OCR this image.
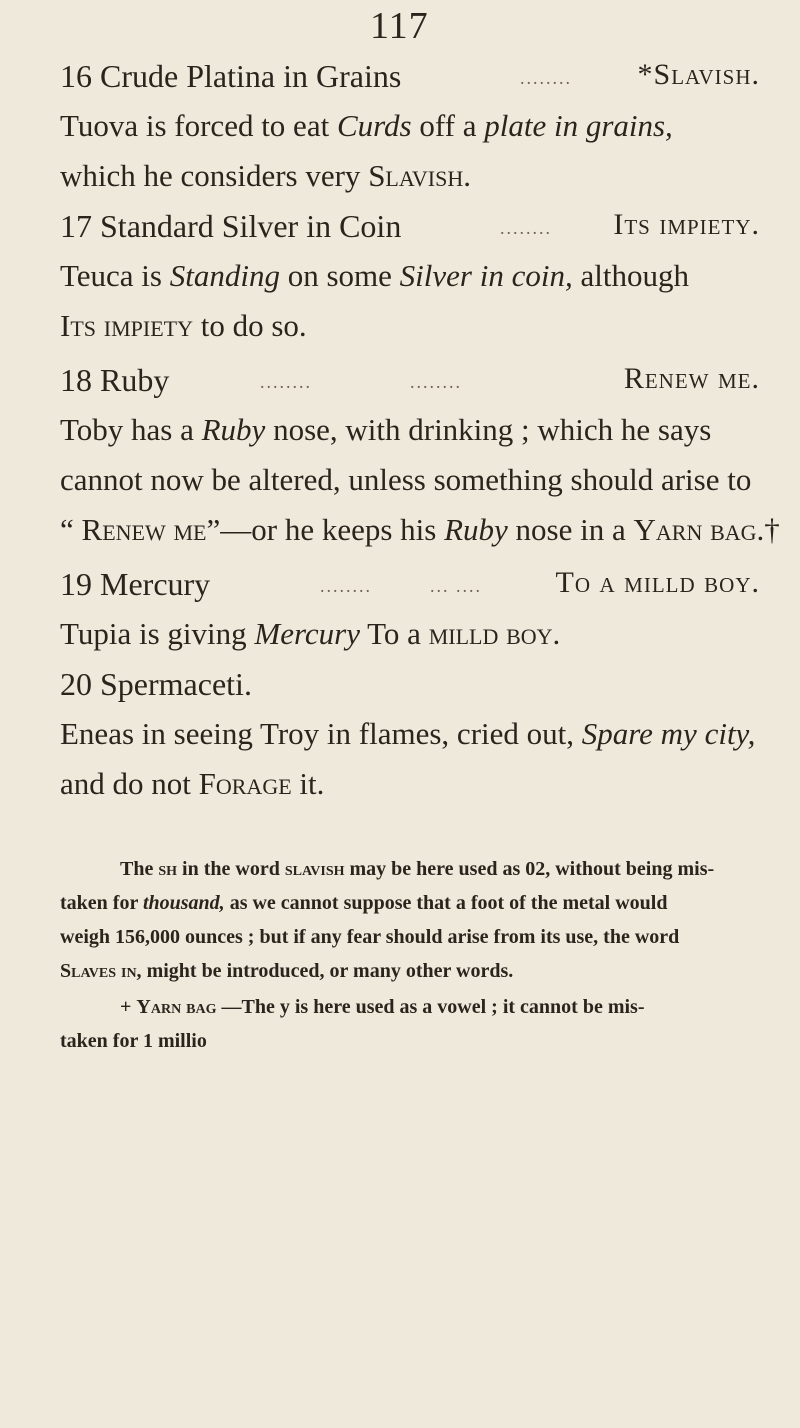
117
16 Crude Platina in Grains	........ *Slavish.
Tuova is forced to eat Curds off a plate in grains,
which he considers very Slavish.
17 Standard Silver in Coin	........ Its impiety.
Teuca is Standing on some Silver in coin, although
Its impiety to do so.
18 Ruby	........	........	Renew me.
Toby has a Ruby nose, with drinking ; which he says
cannot now be altered, unless something should arise to
“ Renew me”—or he keeps his Ruby nose in a Yarn bag.†
19 Mercury	........	... .... To a milld boy.
Tupia is giving Mercury To a milld boy.
20 Spermaceti.
Eneas in seeing Troy in flames, cried out, Spare my city,
and do not Forage it.
The sh in the word slavish may be here used as 02, without being mis-
taken for thousand, as we cannot suppose that a foot of the metal would
weigh 156,000 ounces ; but if any fear should arise from its use, the word
Slaves in, might be introduced, or many other words.
+ Yarn bag —The y is here used as a vowel ; it cannot be mis-
taken for 1 millio
